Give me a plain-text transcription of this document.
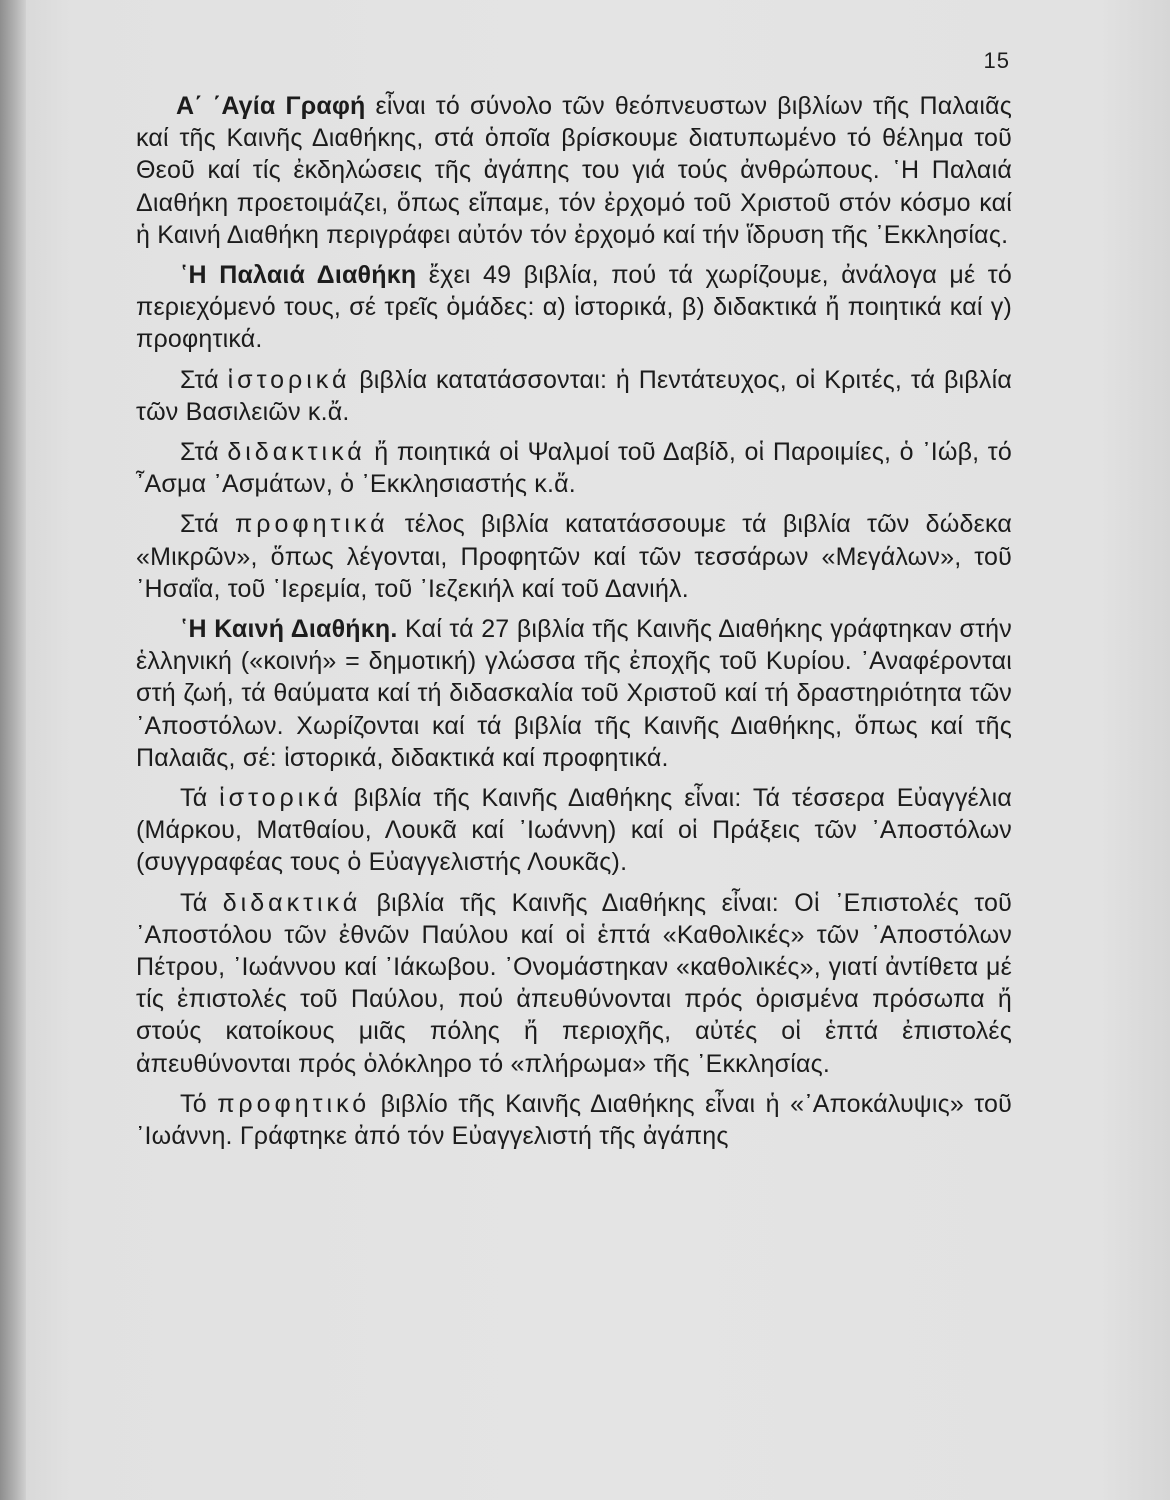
15

Α΄ ΄Αγία Γραφή εἶναι τό σύνολο τῶν θεόπνευστων βιβλίων τῆς Παλαιᾶς καί τῆς Καινῆς Διαθήκης, στά ὁποῖα βρίσκουμε διατυπωμένο τό θέλημα τοῦ Θεοῦ καί τίς ἐκδηλώσεις τῆς ἀγάπης του γιά τούς ἀνθρώπους. ῾Η Παλαιά Διαθήκη προετοιμάζει, ὅπως εἴπαμε, τόν ἐρχομό τοῦ Χριστοῦ στόν κόσμο καί ἡ Καινή Διαθήκη περιγράφει αὐτόν τόν ἐρχομό καί τήν ἵδρυση τῆς ᾿Εκκλησίας.

῾Η Παλαιά Διαθήκη ἔχει 49 βιβλία, πού τά χωρίζουμε, ἀνάλογα μέ τό περιεχόμενό τους, σέ τρεῖς ὁμάδες: α) ἱστορικά, β) διδακτικά ἤ ποιητικά καί γ) προφητικά.

Στά ἱστορικά βιβλία κατατάσσονται: ἡ Πεντάτευχος, οἱ Κριτές, τά βιβλία τῶν Βασιλειῶν κ.ἄ.

Στά διδακτικά ἤ ποιητικά οἱ Ψαλμοί τοῦ Δαβίδ, οἱ Παροιμίες, ὁ ᾿Ιώβ, τό ῏Ασμα ᾿Ασμάτων, ὁ ᾿Εκκλησιαστής κ.ἄ.

Στά προφητικά τέλος βιβλία κατατάσσουμε τά βιβλία τῶν δώδεκα «Μικρῶν», ὅπως λέγονται, Προφητῶν καί τῶν τεσσάρων «Μεγάλων», τοῦ ᾿Ησαΐα, τοῦ ῾Ιερεμία, τοῦ ᾿Ιεζεκιήλ καί τοῦ Δανιήλ.

῾Η Καινή Διαθήκη. Καί τά 27 βιβλία τῆς Καινῆς Διαθήκης γράφτηκαν στήν ἑλληνική («κοινή» = δημοτική) γλώσσα τῆς ἐποχῆς τοῦ Κυρίου. ᾿Αναφέρονται στή ζωή, τά θαύματα καί τή διδασκαλία τοῦ Χριστοῦ καί τή δραστηριότητα τῶν ᾿Αποστόλων. Χωρίζονται καί τά βιβλία τῆς Καινῆς Διαθήκης, ὅπως καί τῆς Παλαιᾶς, σέ: ἱστορικά, διδακτικά καί προφητικά.

Τά ἱστορικά βιβλία τῆς Καινῆς Διαθήκης εἶναι: Τά τέσσερα Εὐαγγέλια (Μάρκου, Ματθαίου, Λουκᾶ καί ᾿Ιωάννη) καί οἱ Πράξεις τῶν ᾿Αποστόλων (συγγραφέας τους ὁ Εὐαγγελιστής Λουκᾶς).

Τά διδακτικά βιβλία τῆς Καινῆς Διαθήκης εἶναι: Οἱ ᾿Επιστολές τοῦ ᾿Αποστόλου τῶν ἐθνῶν Παύλου καί οἱ ἑπτά «Καθολικές» τῶν ᾿Αποστόλων Πέτρου, ᾿Ιωάννου καί ᾿Ιάκωβου. ᾿Ονομάστηκαν «καθολικές», γιατί ἀντίθετα μέ τίς ἐπιστολές τοῦ Παύλου, πού ἀπευθύνονται πρός ὁρισμένα πρόσωπα ἤ στούς κατοίκους μιᾶς πόλης ἤ περιοχῆς, αὐτές οἱ ἑπτά ἐπιστολές ἀπευθύνονται πρός ὁλόκληρο τό «πλήρωμα» τῆς ᾿Εκκλησίας.

Τό προφητικό βιβλίο τῆς Καινῆς Διαθήκης εἶναι ἡ «᾿Αποκάλυψις» τοῦ ᾿Ιωάννη. Γράφτηκε ἀπό τόν Εὐαγγελιστή τῆς ἀγάπης
